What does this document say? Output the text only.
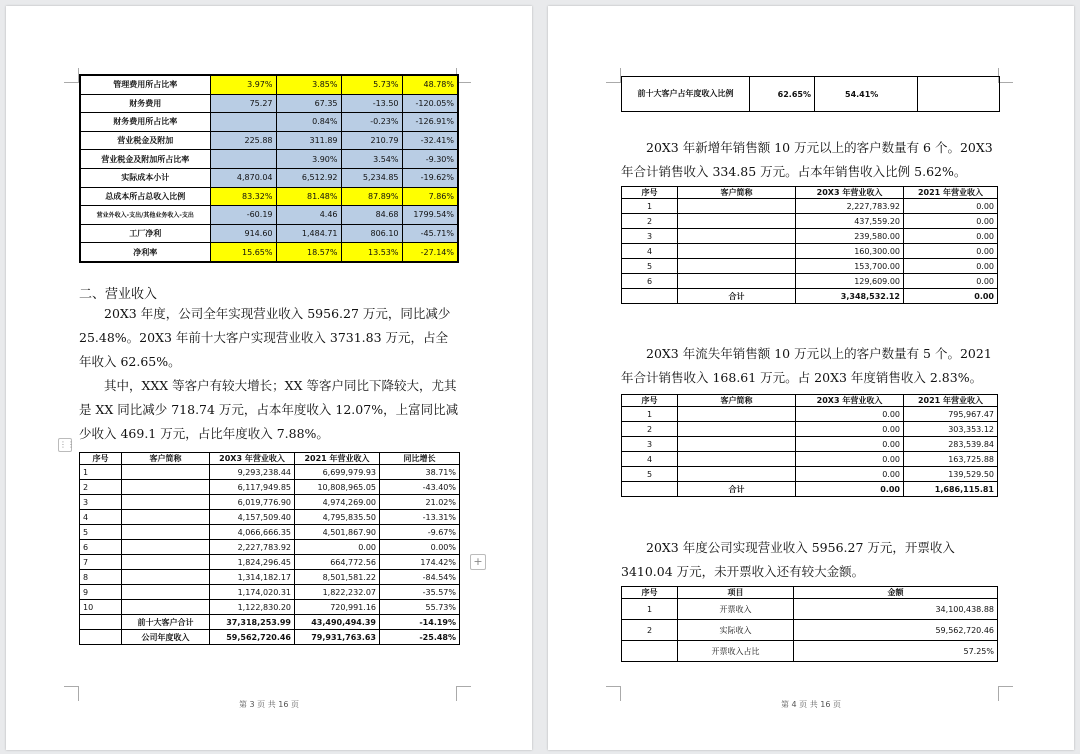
管理费用所占比率	3.97%	3.85%	5.73%	48.78%
财务费用	75.27	67.35	-13.50	-120.05%
财务费用所占比率		0.84%	-0.23%	-126.91%
营业税金及附加	225.88	311.89	210.79	-32.41%
营业税金及附加所占比率		3.90%	3.54%	-9.30%
实际成本小计	4,870.04	6,512.92	5,234.85	-19.62%
总成本所占总收入比例	83.32%	81.48%	87.89%	7.86%
营业外收入-支出/其他业务收入-支出	-60.19	4.46	84.68	1799.54%
工厂净利	914.60	1,484.71	806.10	-45.71%
净利率	15.65%	18.57%	13.53%	-27.14%
二、营业收入
20X3 年度，公司全年实现营业收入 5956.27 万元，同比减少 25.48%。20X3 年前十大客户实现营业收入 3731.83 万元，占全年收入 62.65%。
其中，XXX 等客户有较大增长；XX 等客户同比下降较大，尤其是 XX 同比减少 718.74 万元，占本年度收入 12.07%，上富同比减少收入 469.1 万元，占比年度收入 7.88%。
⋮⋮
+
序号	客户简称	20X3 年营业收入	2021 年营业收入	同比增长
1		9,293,238.44	6,699,979.93	38.71%
2		6,117,949.85	10,808,965.05	-43.40%
3		6,019,776.90	4,974,269.00	21.02%
4		4,157,509.40	4,795,835.50	-13.31%
5		4,066,666.35	4,501,867.90	-9.67%
6		2,227,783.92	0.00	0.00%
7		1,824,296.45	664,772.56	174.42%
8		1,314,182.17	8,501,581.22	-84.54%
9		1,174,020.31	1,822,232.07	-35.57%
10		1,122,830.20	720,991.16	55.73%
	前十大客户合计	37,318,253.99	43,490,494.39	-14.19%
	公司年度收入	59,562,720.46	79,931,763.63	-25.48%
第 3 页 共 16 页
前十大客户占年度收入比例	62.65%	54.41%	
20X3 年新增年销售额 10 万元以上的客户数量有 6 个。20X3 年合计销售收入 334.85 万元。占本年销售收入比例 5.62%。
序号	客户简称	20X3 年营业收入	2021 年营业收入
1		2,227,783.92	0.00
2		437,559.20	0.00
3		239,580.00	0.00
4		160,300.00	0.00
5		153,700.00	0.00
6		129,609.00	0.00
	合计	3,348,532.12	0.00
20X3 年流失年销售额 10 万元以上的客户数量有 5 个。2021 年合计销售收入 168.61 万元。占 20X3 年度销售收入 2.83%。
序号	客户简称	20X3 年营业收入	2021 年营业收入
1		0.00	795,967.47
2		0.00	303,353.12
3		0.00	283,539.84
4		0.00	163,725.88
5		0.00	139,529.50
	合计	0.00	1,686,115.81
20X3 年度公司实现营业收入 5956.27 万元，开票收入 3410.04 万元，未开票收入还有较大金额。
序号	项目	金额
1	开票收入	34,100,438.88
2	实际收入	59,562,720.46
	开票收入占比	57.25%
第 4 页 共 16 页
